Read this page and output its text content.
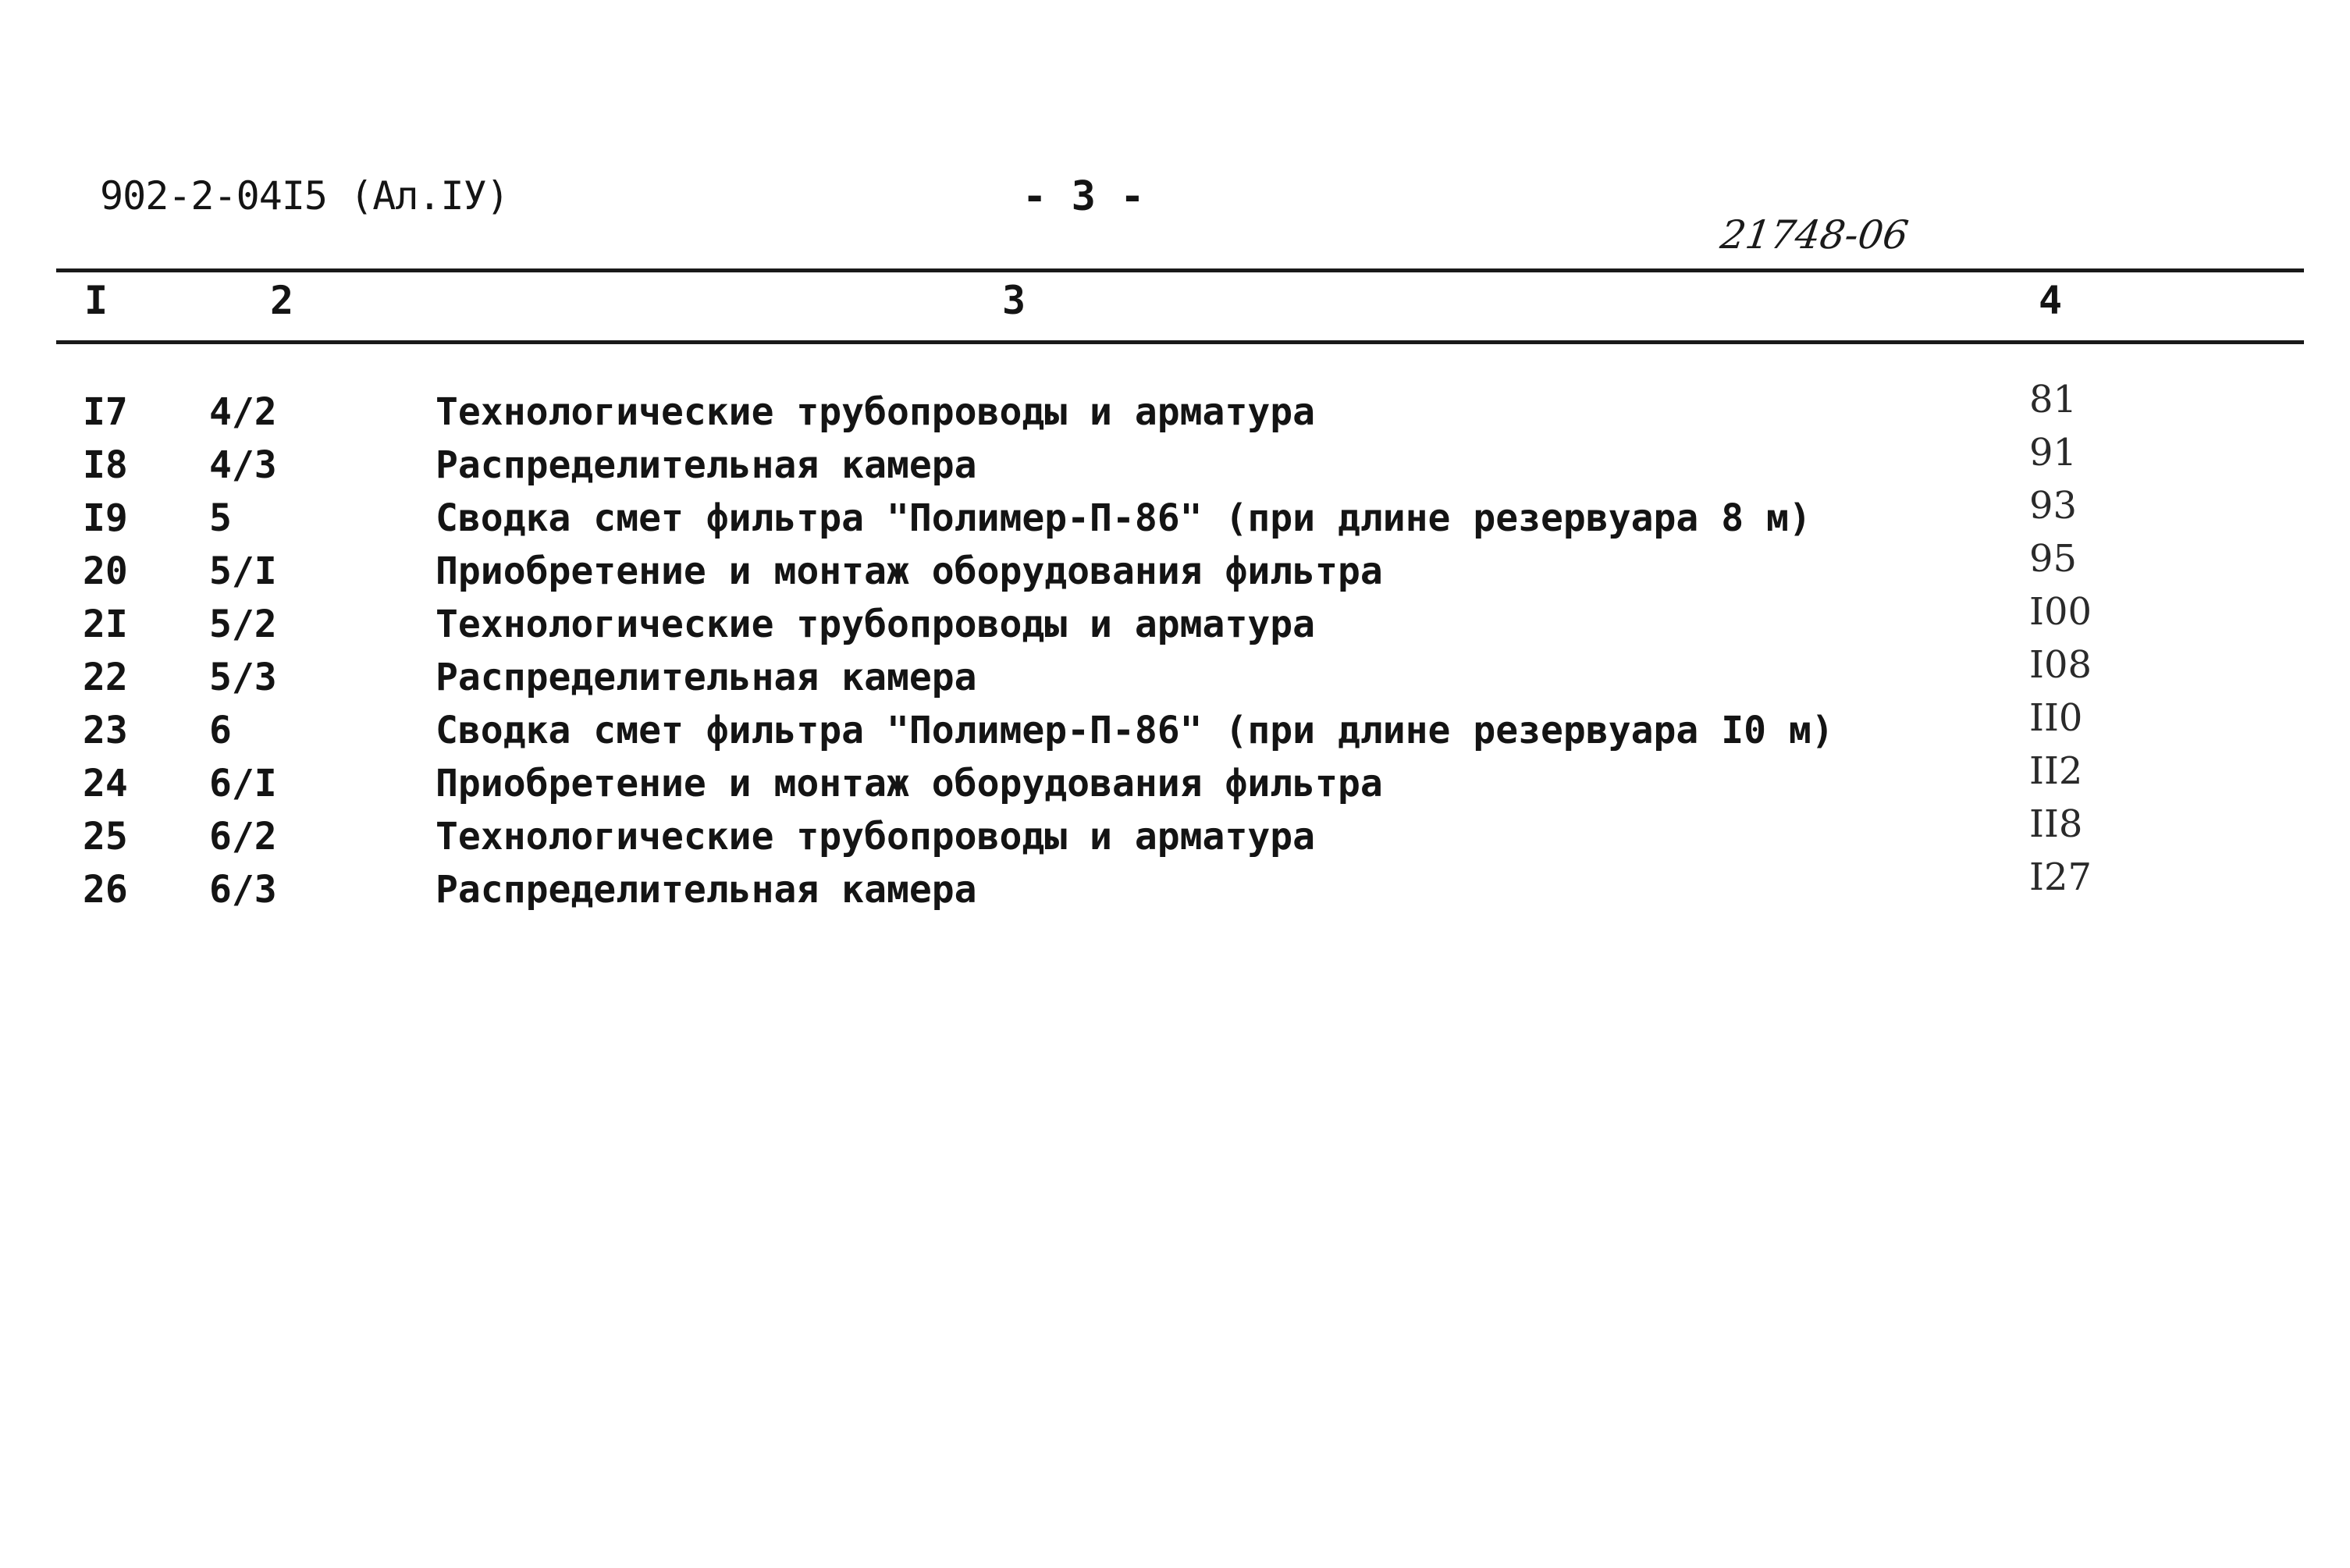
902-2-04I5 (Ал.IУ)	- 3 -
21748-06
I	2	3	4
I7 4/2	Технологические трубопроводы и арматура	81
I8 4/3	Распределительная камера	91
I9 5	Сводка смет фильтра "Полимер-П-86" (при длине резервуара 8 м)	93
20 5/I	Приобретение и монтаж оборудования фильтра	95
2I 5/2	Технологические трубопроводы и арматура	I00
22 5/3	Распределительная камера	I08
23 6	Сводка смет фильтра "Полимер-П-86" (при длине резервуара I0 м)	II0
24 6/I	Приобретение и монтаж оборудования фильтра	II2
25 6/2	Технологические трубопроводы и арматура	II8
26 6/3	Распределительная камера	I27
